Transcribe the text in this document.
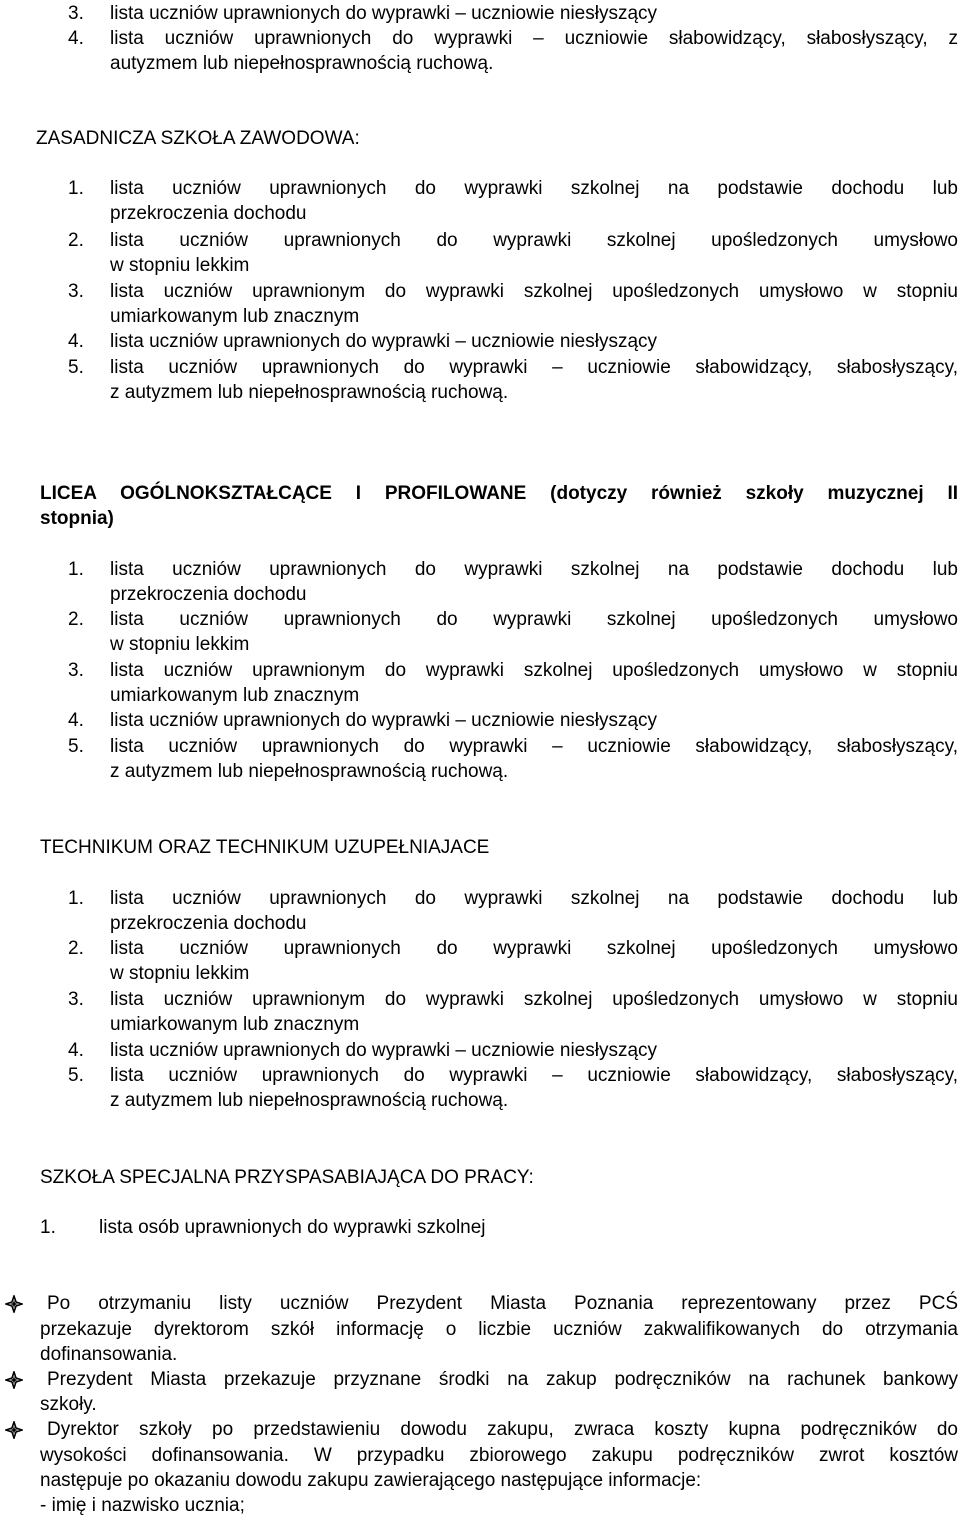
3. lista uczniów uprawnionych do wyprawki – uczniowie niesłyszący
4. lista uczniów uprawnionych do wyprawki – uczniowie słabowidzący, słabosłyszący, z
autyzmem lub niepełnosprawnością ruchową.
ZASADNICZA SZKOŁA ZAWODOWA:
1. lista uczniów uprawnionych do wyprawki szkolnej na podstawie dochodu lub
przekroczenia dochodu
2. lista uczniów uprawnionych do wyprawki szkolnej upośledzonych umysłowo
w stopniu lekkim
3. lista uczniów uprawnionym do wyprawki szkolnej upośledzonych umysłowo w stopniu
umiarkowanym lub znacznym
4. lista uczniów uprawnionych do wyprawki – uczniowie niesłyszący
5. lista uczniów uprawnionych do wyprawki – uczniowie słabowidzący, słabosłyszący,
z autyzmem lub niepełnosprawnością ruchową.
LICEA OGÓLNOKSZTAŁCĄCE I PROFILOWANE (dotyczy również szkoły muzycznej II
stopnia)
1. lista uczniów uprawnionych do wyprawki szkolnej na podstawie dochodu lub
przekroczenia dochodu
2. lista uczniów uprawnionych do wyprawki szkolnej upośledzonych umysłowo
w stopniu lekkim
3. lista uczniów uprawnionym do wyprawki szkolnej upośledzonych umysłowo w stopniu
umiarkowanym lub znacznym
4. lista uczniów uprawnionych do wyprawki – uczniowie niesłyszący
5. lista uczniów uprawnionych do wyprawki – uczniowie słabowidzący, słabosłyszący,
z autyzmem lub niepełnosprawnością ruchową.
TECHNIKUM ORAZ TECHNIKUM UZUPEŁNIAJACE
1. lista uczniów uprawnionych do wyprawki szkolnej na podstawie dochodu lub
przekroczenia dochodu
2. lista uczniów uprawnionych do wyprawki szkolnej upośledzonych umysłowo
w stopniu lekkim
3. lista uczniów uprawnionym do wyprawki szkolnej upośledzonych umysłowo w stopniu
umiarkowanym lub znacznym
4. lista uczniów uprawnionych do wyprawki – uczniowie niesłyszący
5. lista uczniów uprawnionych do wyprawki – uczniowie słabowidzący, słabosłyszący,
z autyzmem lub niepełnosprawnością ruchową.
SZKOŁA SPECJALNA PRZYSPASABIAJĄCA DO PRACY:
1. lista osób uprawnionych do wyprawki szkolnej
Po otrzymaniu listy uczniów Prezydent Miasta Poznania reprezentowany przez PCŚ
przekazuje dyrektorom szkół informację o liczbie uczniów zakwalifikowanych do otrzymania
dofinansowania.
Prezydent Miasta przekazuje przyznane środki na zakup podręczników na rachunek bankowy
szkoły.
Dyrektor szkoły po przedstawieniu dowodu zakupu, zwraca koszty kupna podręczników do
wysokości dofinansowania. W przypadku zbiorowego zakupu podręczników zwrot kosztów
następuje po okazaniu dowodu zakupu zawierającego następujące informacje:
- imię i nazwisko ucznia;
